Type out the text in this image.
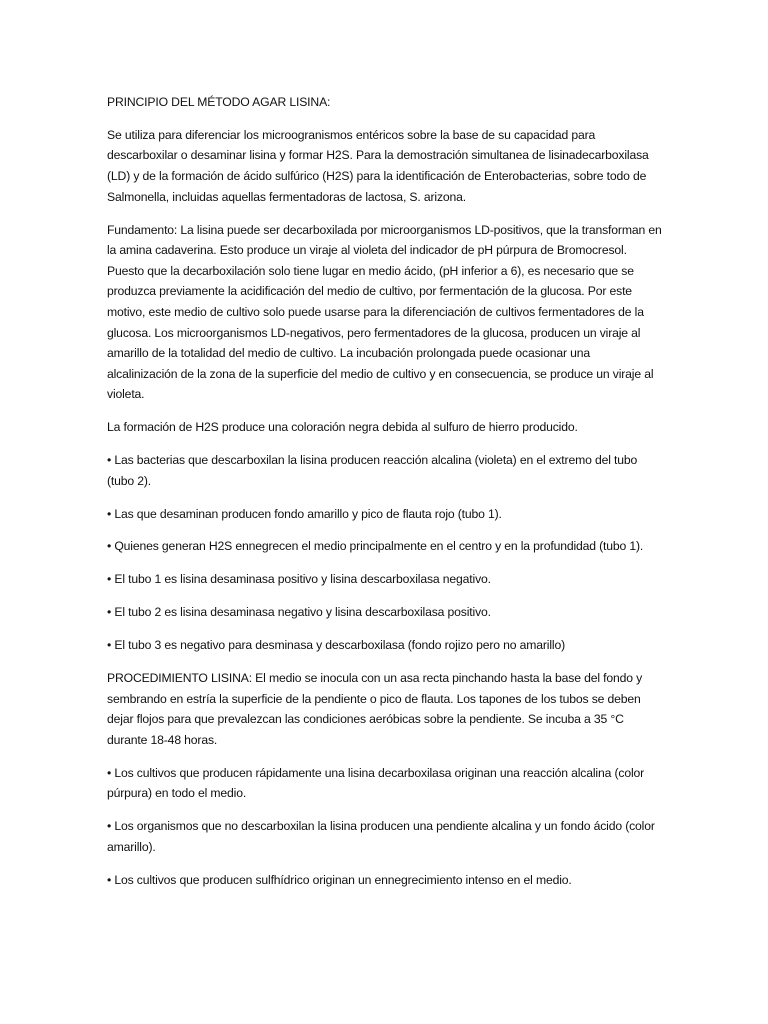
PRINCIPIO DEL MÉTODO AGAR LISINA:

Se utiliza para diferenciar los microogranismos entéricos sobre la base de su capacidad para descarboxilar o desaminar lisina y formar H2S. Para la demostración simultanea de lisinadecarboxilasa (LD) y de la formación de ácido sulfúrico (H2S) para la identificación de Enterobacterias, sobre todo de Salmonella, incluidas aquellas fermentadoras de lactosa, S. arizona.

Fundamento: La lisina puede ser decarboxilada por microorganismos LD-positivos, que la transforman en la amina cadaverina. Esto produce un viraje al violeta del indicador de pH púrpura de Bromocresol. Puesto que la decarboxilación solo tiene lugar en medio ácido, (pH inferior a 6), es necesario que se produzca previamente la acidificación del medio de cultivo, por fermentación de la glucosa. Por este motivo, este medio de cultivo solo puede usarse para la diferenciación de cultivos fermentadores de la glucosa. Los microorganismos LD-negativos, pero fermentadores de la glucosa, producen un viraje al amarillo de la totalidad del medio de cultivo. La incubación prolongada puede ocasionar una alcalinización de la zona de la superficie del medio de cultivo y en consecuencia, se produce un viraje al violeta.

La formación de H2S produce una coloración negra debida al sulfuro de hierro producido.

• Las bacterias que descarboxilan la lisina producen reacción alcalina (violeta) en el extremo del tubo (tubo 2).

• Las que desaminan producen fondo amarillo y pico de flauta rojo (tubo 1).

• Quienes generan H2S ennegrecen el medio principalmente en el centro y en la profundidad (tubo 1).

• El tubo 1 es lisina desaminasa positivo y lisina descarboxilasa negativo.

• El tubo 2 es lisina desaminasa negativo y lisina descarboxilasa positivo.

• El tubo 3 es negativo para desminasa y descarboxilasa (fondo rojizo pero no amarillo)

PROCEDIMIENTO LISINA: El medio se inocula con un asa recta pinchando hasta la base del fondo y sembrando en estría la superficie de la pendiente o pico de flauta. Los tapones de los tubos se deben dejar flojos para que prevalezcan las condiciones aeróbicas sobre la pendiente. Se incuba a 35 °C durante 18-48 horas.

• Los cultivos que producen rápidamente una lisina decarboxilasa originan una reacción alcalina (color púrpura) en todo el medio.

• Los organismos que no descarboxilan la lisina producen una pendiente alcalina y un fondo ácido (color amarillo).

• Los cultivos que producen sulfhídrico originan un ennegrecimiento intenso en el medio.
